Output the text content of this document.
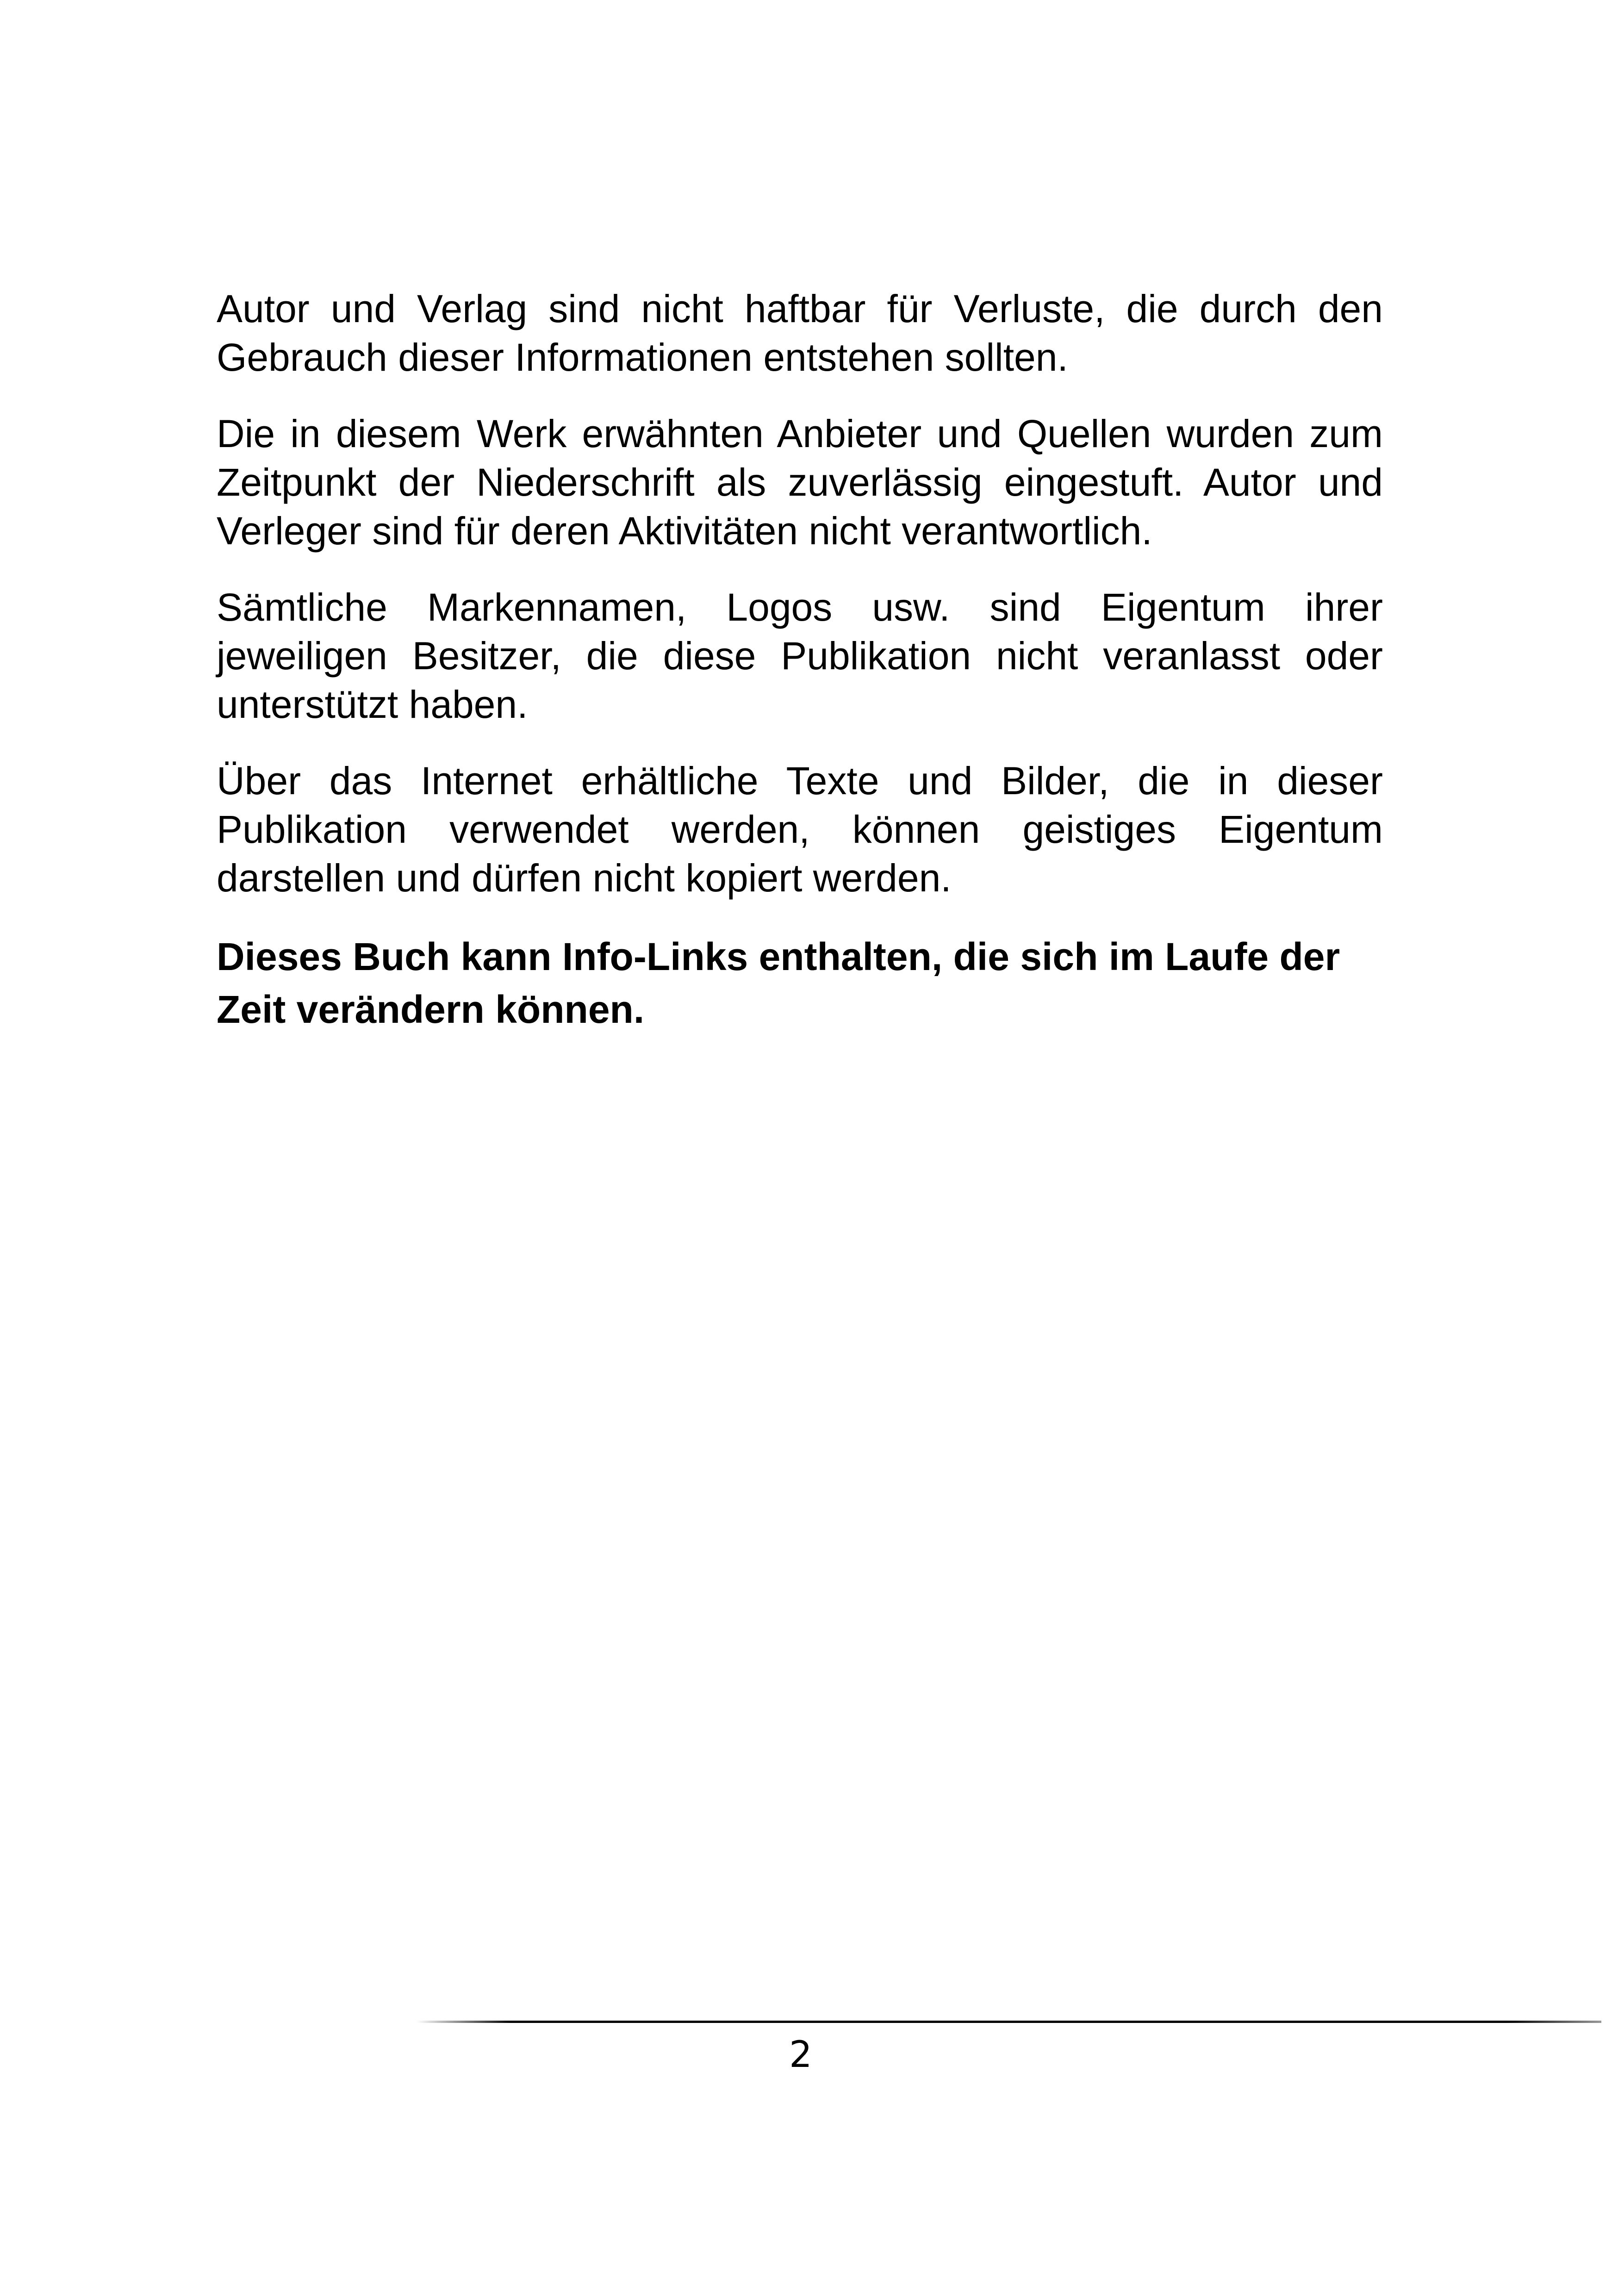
Autor und Verlag sind nicht haftbar für Verluste, die durch den Gebrauch dieser Informationen entstehen sollten.

Die in diesem Werk erwähnten Anbieter und Quellen wurden zum Zeitpunkt der Niederschrift als zuverlässig eingestuft. Autor und Verleger sind für deren Aktivitäten nicht verantwortlich.

Sämtliche Markennamen, Logos usw. sind Eigentum ihrer jeweiligen Besitzer, die diese Publikation nicht veranlasst oder unterstützt haben.

Über das Internet erhältliche Texte und Bilder, die in dieser Publikation verwendet werden, können geistiges Eigentum darstellen und dürfen nicht kopiert werden.

Dieses Buch kann Info-Links enthalten, die sich im Laufe der Zeit verändern können.

2
